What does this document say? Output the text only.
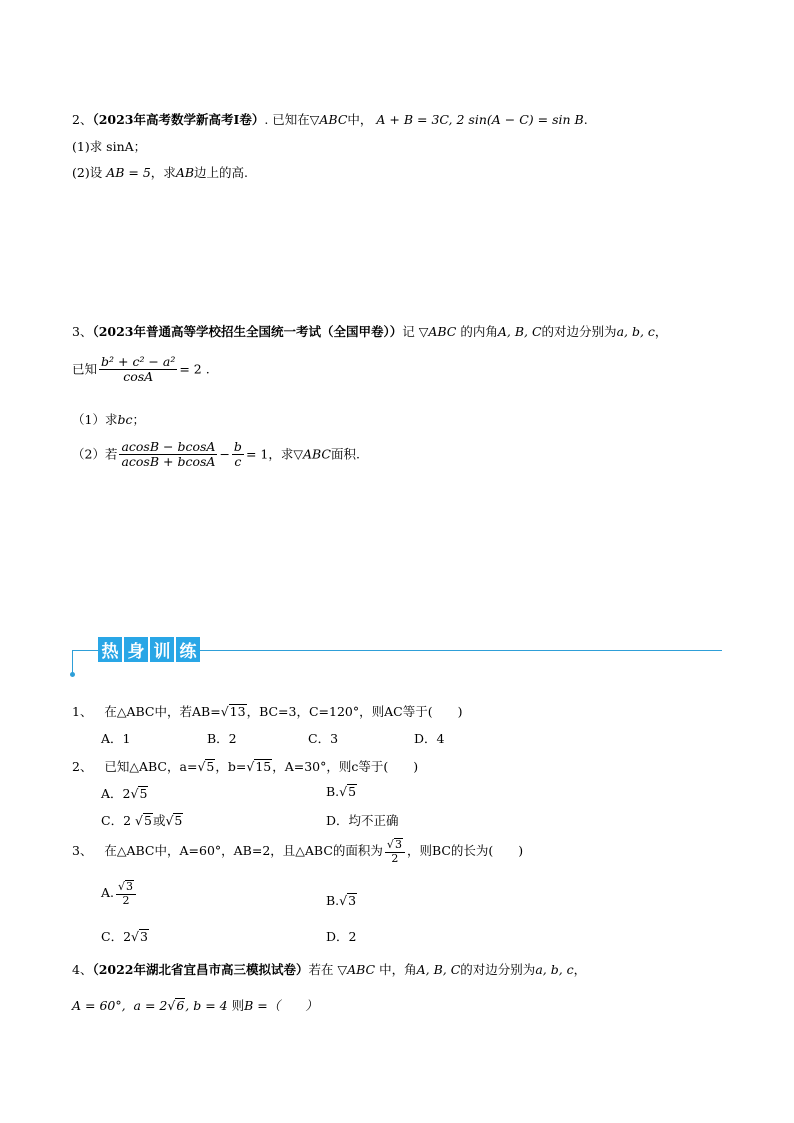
2、（2023年高考数学新高考Ⅰ卷）. 已知在▽ABC中， A + B = 3C, 2 sin(A − C) = sin B.
(1)求 sinA；
(2)设 AB = 5，求AB边上的高.
3、（2023年普通高等学校招生全国统一考试（全国甲卷））记 ▽ABC 的内角A, B, C的对边分别为a, b, c，
已知 $\frac{\text{b² + c² − a²}}{\cos A} = 2$ .
（1）求bc；
（2）若 $\frac{acosB - bcosA}{acosB + bcosA} - \frac{b}{c} = 1$，求▽ABC面积.
热 身 训 练
1、 在△ABC中，若AB=√13，BC=3，C=120°，则AC等于(　　)
A．1	B．2	C．3	D．4
2、 已知△ABC，a=√5，b=√15，A=30°，则c等于(　　)
A．2√5	B.√5
C．2 √5或√5	D．均不正确
3、 在△ABC中，A=60°，AB=2，且△ABC的面积为 $\frac{√3}{2}$ ，则BC的长为(　　)
A. $\frac{√3}{2}$	B.√3
C．2√3	D．2
4、（2022年湖北省宜昌市高三模拟试卷）若在 ▽ABC 中，角A, B, C的对边分别为a, b, c，
A = 60°, a = 2√6, b = 4 则B =（　　）
